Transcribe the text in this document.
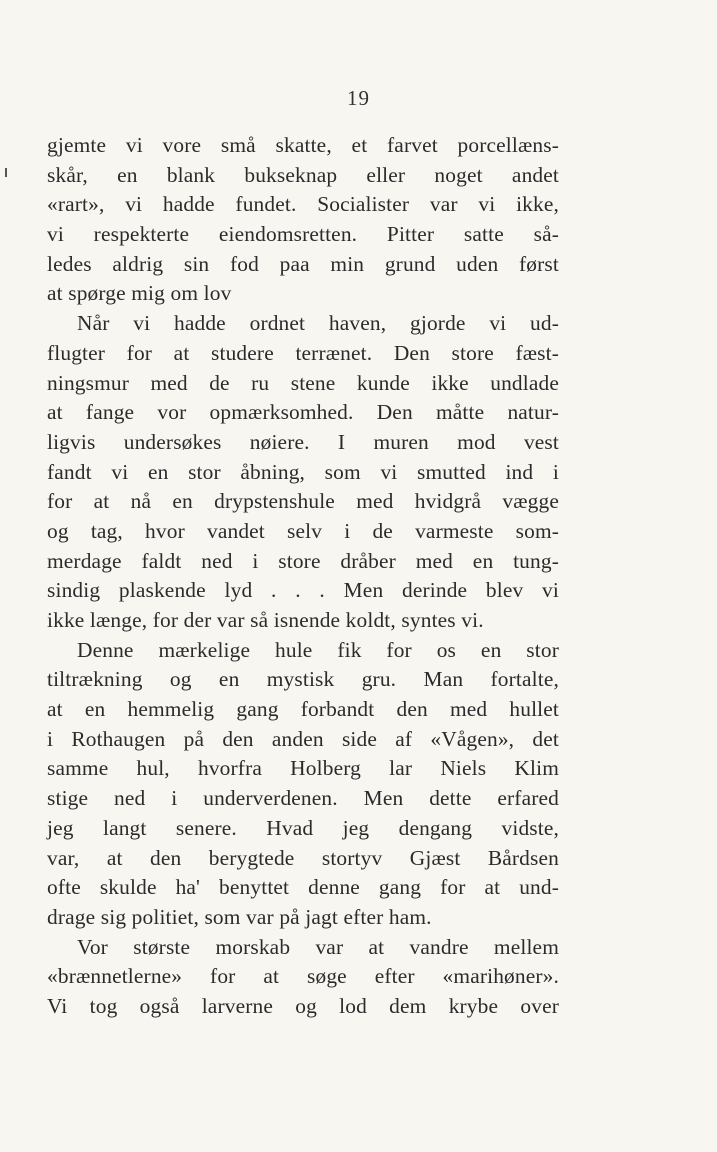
19
gjemte vi vore små skatte, et farvet porcellæns-
skår, en blank bukseknap eller noget andet
«rart», vi hadde fundet. Socialister var vi ikke,
vi respekterte eiendomsretten. Pitter satte så-
ledes aldrig sin fod paa min grund uden først
at spørge mig om lov
Når vi hadde ordnet haven, gjorde vi ud-
flugter for at studere terrænet. Den store fæst-
ningsmur med de ru stene kunde ikke undlade
at fange vor opmærksomhed. Den måtte natur-
ligvis undersøkes nøiere. I muren mod vest
fandt vi en stor åbning, som vi smutted ind i
for at nå en drypstenshule med hvidgrå vægge
og tag, hvor vandet selv i de varmeste som-
merdage faldt ned i store dråber med en tung-
sindig plaskende lyd . . . Men derinde blev vi
ikke længe, for der var så isnende koldt, syntes vi.
Denne mærkelige hule fik for os en stor
tiltrækning og en mystisk gru. Man fortalte,
at en hemmelig gang forbandt den med hullet
i Rothaugen på den anden side af «Vågen», det
samme hul, hvorfra Holberg lar Niels Klim
stige ned i underverdenen. Men dette erfared
jeg langt senere. Hvad jeg dengang vidste,
var, at den berygtede stortyv Gjæst Bårdsen
ofte skulde ha' benyttet denne gang for at und-
drage sig politiet, som var på jagt efter ham.
Vor største morskab var at vandre mellem
«brænnetlerne» for at søge efter «marihøner».
Vi tog også larverne og lod dem krybe over
